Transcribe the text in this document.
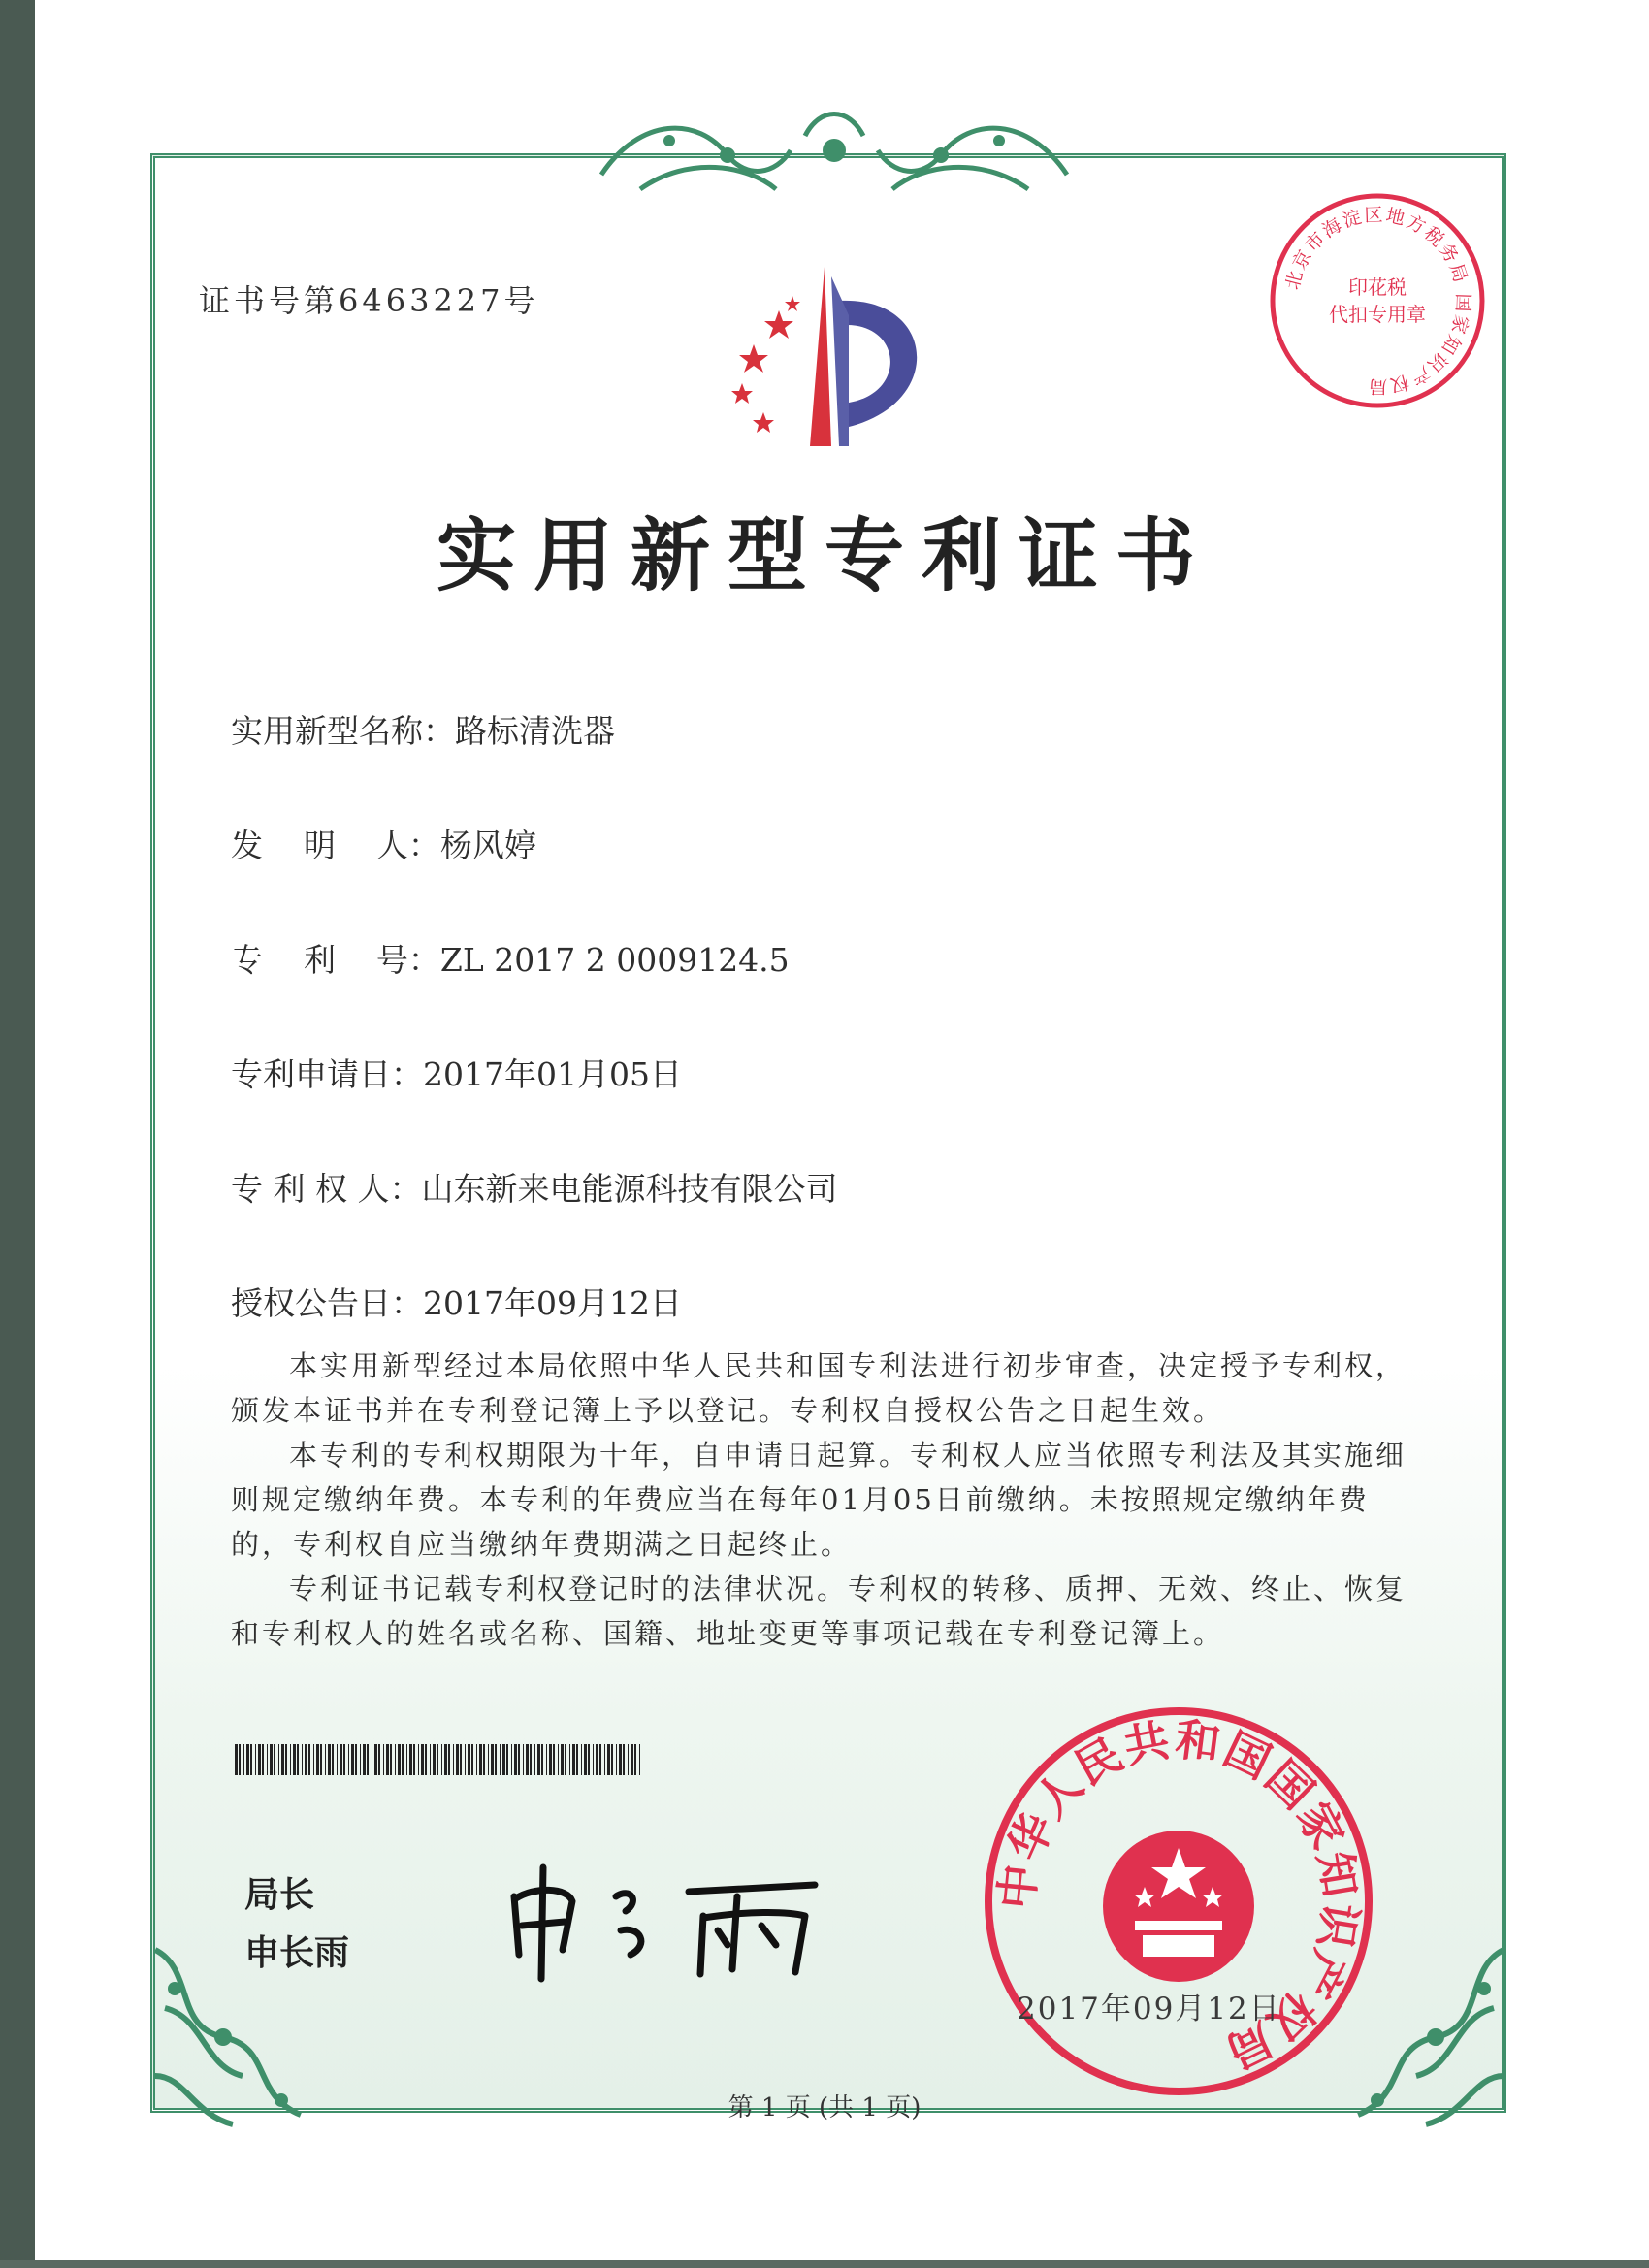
证书号第6463227号
北京市海淀区地方税务局 国家知识产权局
印花税
代扣专用章
实用新型专利证书
实用新型名称：路标清洗器
发    明    人：杨风婷
专    利    号：ZL 2017 2 0009124.5
专利申请日：2017年01月05日
专 利 权 人：山东新来电能源科技有限公司
授权公告日：2017年09月12日

本实用新型经过本局依照中华人民共和国专利法进行初步审查，决定授予专利权，颁发本证书并在专利登记簿上予以登记。专利权自授权公告之日起生效。

本专利的专利权期限为十年，自申请日起算。专利权人应当依照专利法及其实施细则规定缴纳年费。本专利的年费应当在每年01月05日前缴纳。未按照规定缴纳年费的，专利权自应当缴纳年费期满之日起终止。

专利证书记载专利权登记时的法律状况。专利权的转移、质押、无效、终止、恢复和专利权人的姓名或名称、国籍、地址变更等事项记载在专利登记簿上。

局长
申长雨
中华人民共和国国家知识产权局
2017年09月12日
第 1 页 (共 1 页)
